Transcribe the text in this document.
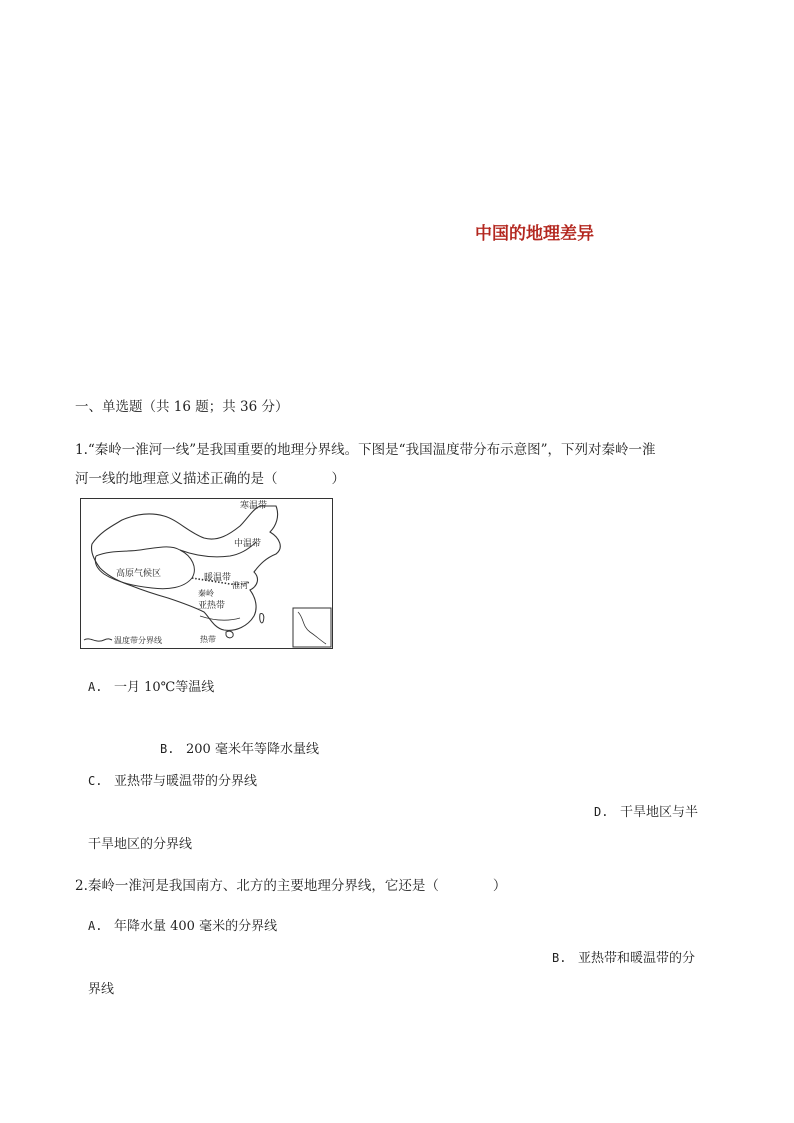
中国的地理差异
一、单选题（共 16 题；共 36 分）
1.“秦岭一淮河一线”是我国重要的地理分界线。下图是“我国温度带分布示意图”，下列对秦岭一淮
河一线的地理意义描述正确的是（　　　　）
寒温带
中温带
高原气候区	暖温带
淮河
秦岭
亚热带
温度带分界线	热带
A. 一月 10℃等温线
B. 200 毫米年等降水量线
C. 亚热带与暖温带的分界线
D. 干旱地区与半
干旱地区的分界线
2.秦岭一淮河是我国南方、北方的主要地理分界线，它还是（　　　　）
A. 年降水量 400 毫米的分界线
B. 亚热带和暖温带的分
界线
